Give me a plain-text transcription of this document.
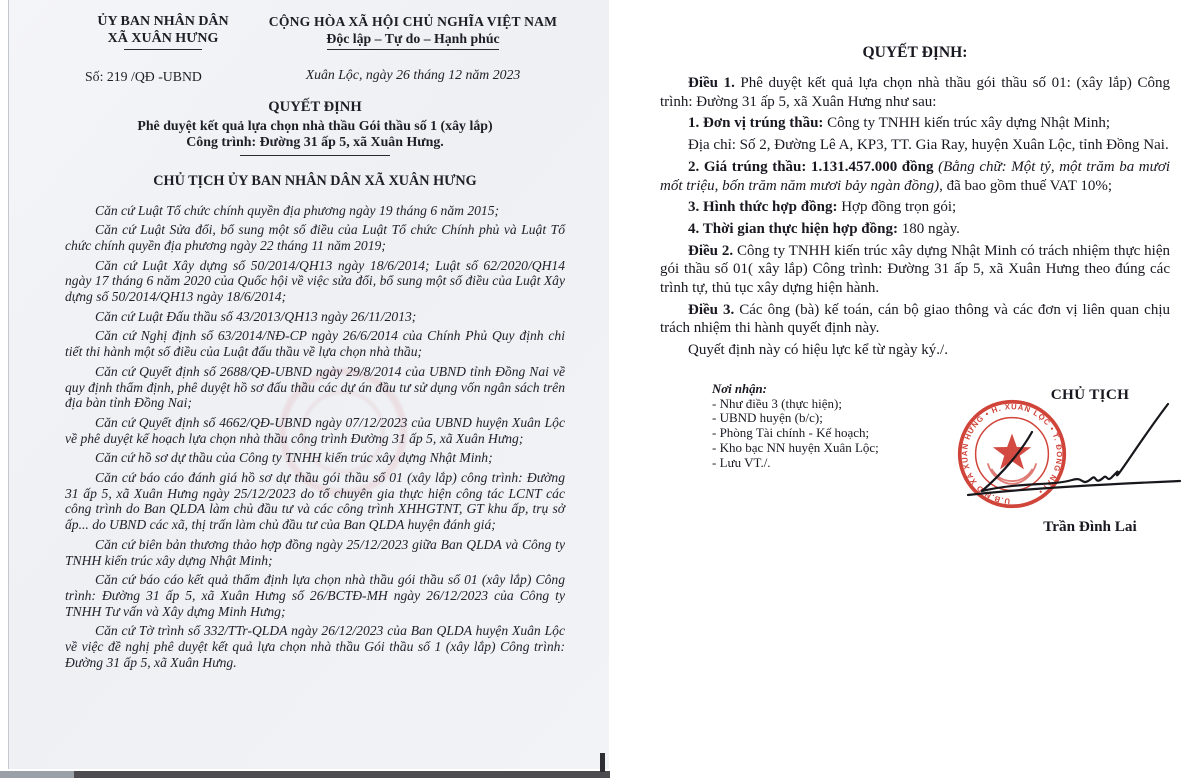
ỦY BAN NHÂN DÂN
XÃ XUÂN HƯNG
Số: 219 /QĐ -UBND
CỘNG HÒA XÃ HỘI CHỦ NGHĨA VIỆT NAM
Độc lập – Tự do – Hạnh phúc
Xuân Lộc, ngày 26 tháng 12 năm 2023
QUYẾT ĐỊNH
Phê duyệt kết quả lựa chọn nhà thầu Gói thầu số 1 (xây lắp)
Công trình: Đường 31 ấp 5, xã Xuân Hưng.
CHỦ TỊCH ỦY BAN NHÂN DÂN XÃ XUÂN HƯNG

Căn cứ Luật Tổ chức chính quyền địa phương ngày 19 tháng 6 năm 2015;

Căn cứ Luật Sửa đổi, bổ sung một số điều của Luật Tổ chức Chính phủ và Luật Tổ chức chính quyền địa phương ngày 22 tháng 11 năm 2019;

Căn cứ Luật Xây dựng số 50/2014/QH13 ngày 18/6/2014; Luật số 62/2020/QH14 ngày 17 tháng 6 năm 2020 của Quốc hội về việc sửa đổi, bổ sung một số điều của Luật Xây dựng số 50/2014/QH13 ngày 18/6/2014;

Căn cứ Luật Đấu thầu số 43/2013/QH13 ngày 26/11/2013;

Căn cứ Nghị định số 63/2014/NĐ-CP ngày 26/6/2014 của Chính Phủ Quy định chi tiết thi hành một số điều của Luật đấu thầu về lựa chọn nhà thầu;

Căn cứ Quyết định số 2688/QĐ-UBND ngày 29/8/2014 của UBND tỉnh Đồng Nai về quy định thẩm định, phê duyệt hồ sơ đấu thầu các dự án đầu tư sử dụng vốn ngân sách trên địa bàn tỉnh Đồng Nai;

Căn cứ Quyết định số 4662/QĐ-UBND ngày 07/12/2023 của UBND huyện Xuân Lộc về phê duyệt kế hoạch lựa chọn nhà thầu công trình Đường 31 ấp 5, xã Xuân Hưng;

Căn cứ hồ sơ dự thầu của Công ty TNHH kiến trúc xây dựng Nhật Minh;

Căn cứ báo cáo đánh giá hồ sơ dự thầu gói thầu số 01 (xây lắp) công trình: Đường 31 ấp 5, xã Xuân Hưng ngày 25/12/2023 do tổ chuyên gia thực hiện công tác LCNT các công trình do Ban QLDA làm chủ đầu tư và các công trình XHHGTNT, GT khu ấp, trụ sở ấp... do UBND các xã, thị trấn làm chủ đầu tư của Ban QLDA huyện đánh giá;

Căn cứ biên bản thương thảo hợp đồng ngày 25/12/2023 giữa Ban QLDA và Công ty TNHH kiến trúc xây dựng Nhật Minh;

Căn cứ báo cáo kết quả thẩm định lựa chọn nhà thầu gói thầu số 01 (xây lắp) Công trình: Đường 31 ấp 5, xã Xuân Hưng số 26/BCTĐ-MH ngày 26/12/2023 của Công ty TNHH Tư vấn và Xây dựng Minh Hưng;

Căn cứ Tờ trình số 332/TTr-QLDA ngày 26/12/2023 của Ban QLDA huyện Xuân Lộc về việc đề nghị phê duyệt kết quả lựa chọn nhà thầu Gói thầu số 1 (xây lắp) Công trình: Đường 31 ấp 5, xã Xuân Hưng.

QUYẾT ĐỊNH:

Điều 1. Phê duyệt kết quả lựa chọn nhà thầu gói thầu số 01: (xây lắp) Công trình: Đường 31 ấp 5, xã Xuân Hưng như sau:

1. Đơn vị trúng thầu: Công ty TNHH kiến trúc xây dựng Nhật Minh;

Địa chỉ: Số 2, Đường Lê A, KP3, TT. Gia Ray, huyện Xuân Lộc, tỉnh Đồng Nai.

2. Giá trúng thầu: 1.131.457.000 đồng (Bằng chữ: Một tỷ, một trăm ba mươi mốt triệu, bốn trăm năm mươi bảy ngàn đồng), đã bao gồm thuế VAT 10%;

3. Hình thức hợp đồng: Hợp đồng trọn gói;

4. Thời gian thực hiện hợp đồng: 180 ngày.

Điều 2. Công ty TNHH kiến trúc xây dựng Nhật Minh có trách nhiệm thực hiện gói thầu số 01( xây lắp) Công trình: Đường 31 ấp 5, xã Xuân Hưng theo đúng các trình tự, thủ tục xây dựng hiện hành.

Điều 3. Các ông (bà) kế toán, cán bộ giao thông và các đơn vị liên quan chịu trách nhiệm thi hành quyết định này.

Quyết định này có hiệu lực kể từ ngày ký./.

Nơi nhận:
- Như điều 3 (thực hiện);
- UBND huyện (b/c);
- Phòng Tài chính - Kế hoạch;
- Kho bạc NN huyện Xuân Lộc;
- Lưu VT./.
CHỦ TỊCH
U.B.N.D XÃ XUÂN HƯNG • H. XUÂN LỘC • T. ĐỒNG NAI •
Trần Đình Lai
